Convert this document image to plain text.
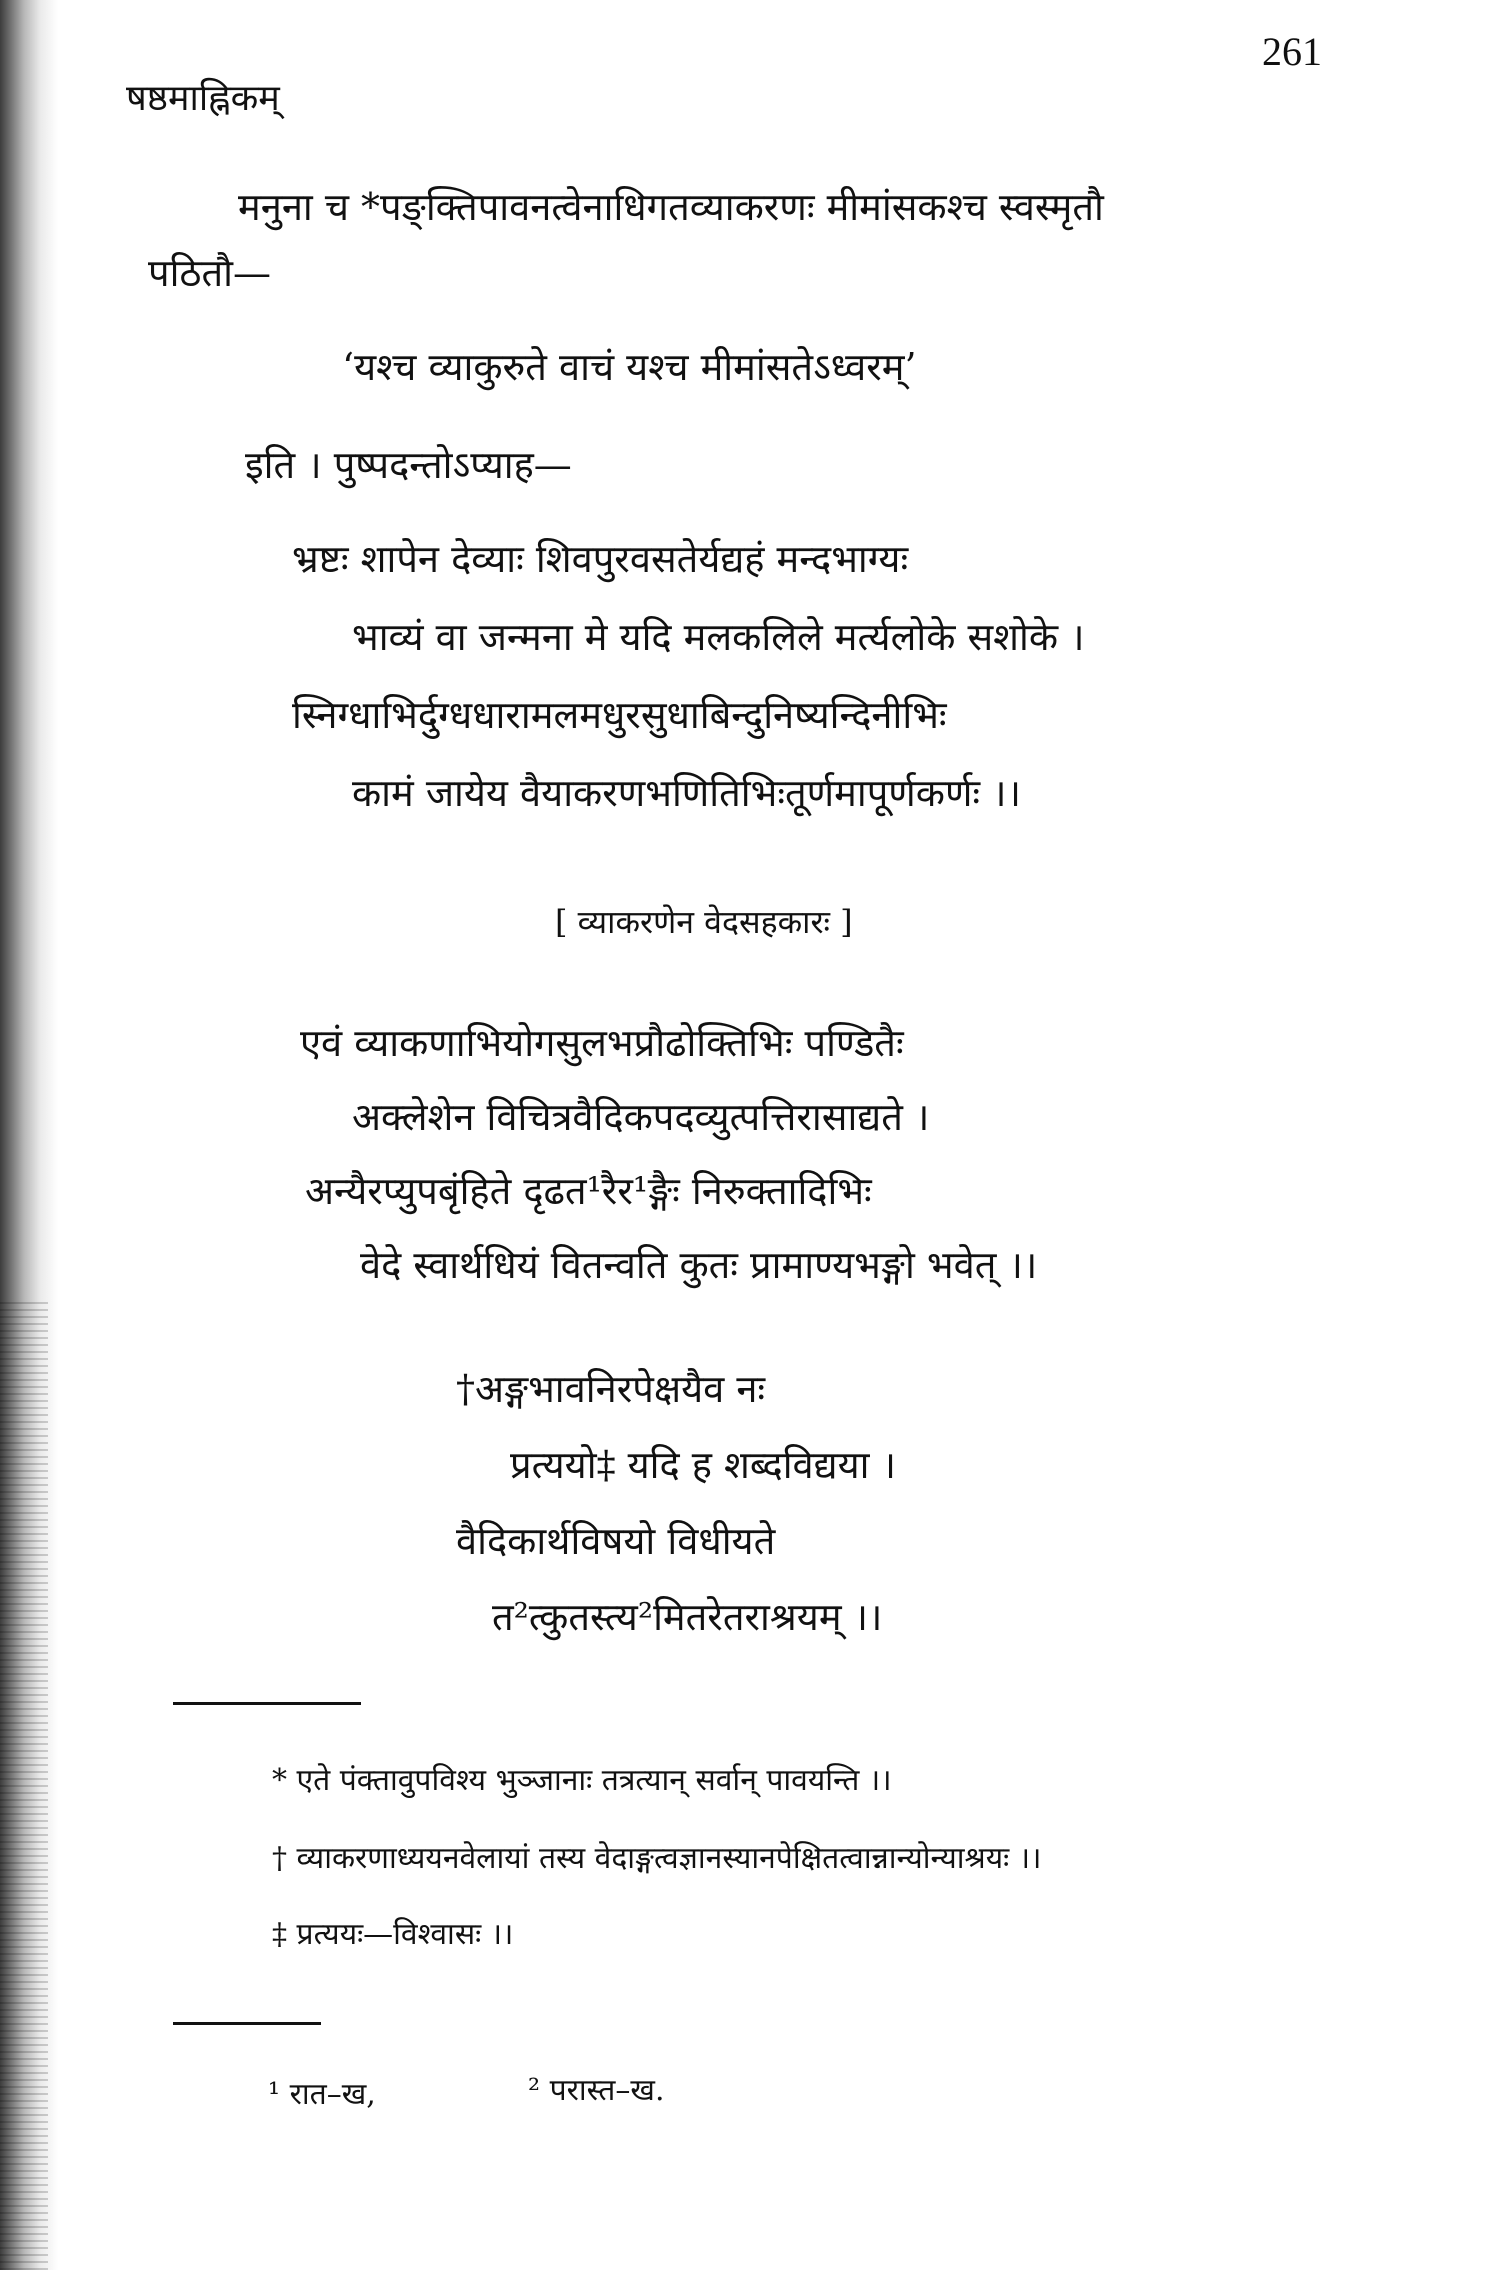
261
षष्ठमाह्निकम्
मनुना च *पङ्क्तिपावनत्वेनाधिगतव्याकरणः मीमांसकश्च स्वस्मृतौ
पठितौ—
‘यश्च व्याकुरुते वाचं यश्च मीमांसतेऽध्वरम्’
इति । पुष्पदन्तोऽप्याह—
भ्रष्टः शापेन देव्याः शिवपुरवसतेर्यद्यहं मन्दभाग्यः
भाव्यं वा जन्मना मे यदि मलकलिले मर्त्यलोके सशोके ।
स्निग्धाभिर्दुग्धधारामलमधुरसुधाबिन्दुनिष्यन्दिनीभिः
कामं जायेय वैयाकरणभणितिभिःतूर्णमापूर्णकर्णः ।।
[ व्याकरणेन वेदसहकारः ]
एवं व्याकणाभियोगसुलभप्रौढोक्तिभिः पण्डितैः
अक्लेशेन विचित्रवैदिकपदव्युत्पत्तिरासाद्यते ।
अन्यैरप्युपबृंहिते दृढत¹रैर¹ङ्गैः निरुक्तादिभिः
वेदे स्वार्थधियं वितन्वति कुतः प्रामाण्यभङ्गो भवेत् ।।
†अङ्गभावनिरपेक्षयैव नः
प्रत्ययो‡ यदि ह शब्दविद्यया ।
वैदिकार्थविषयो विधीयते
त²त्कुतस्त्य²मितरेतराश्रयम् ।।
* एते पंक्तावुपविश्य भुञ्जानाः तत्रत्यान् सर्वान् पावयन्ति ।।
† व्याकरणाध्ययनवेलायां तस्य वेदाङ्गत्वज्ञानस्यानपेक्षितत्वान्नान्योन्याश्रयः ।।
‡ प्रत्ययः—विश्वासः ।।
¹ रात–ख,	² परास्त–ख.
